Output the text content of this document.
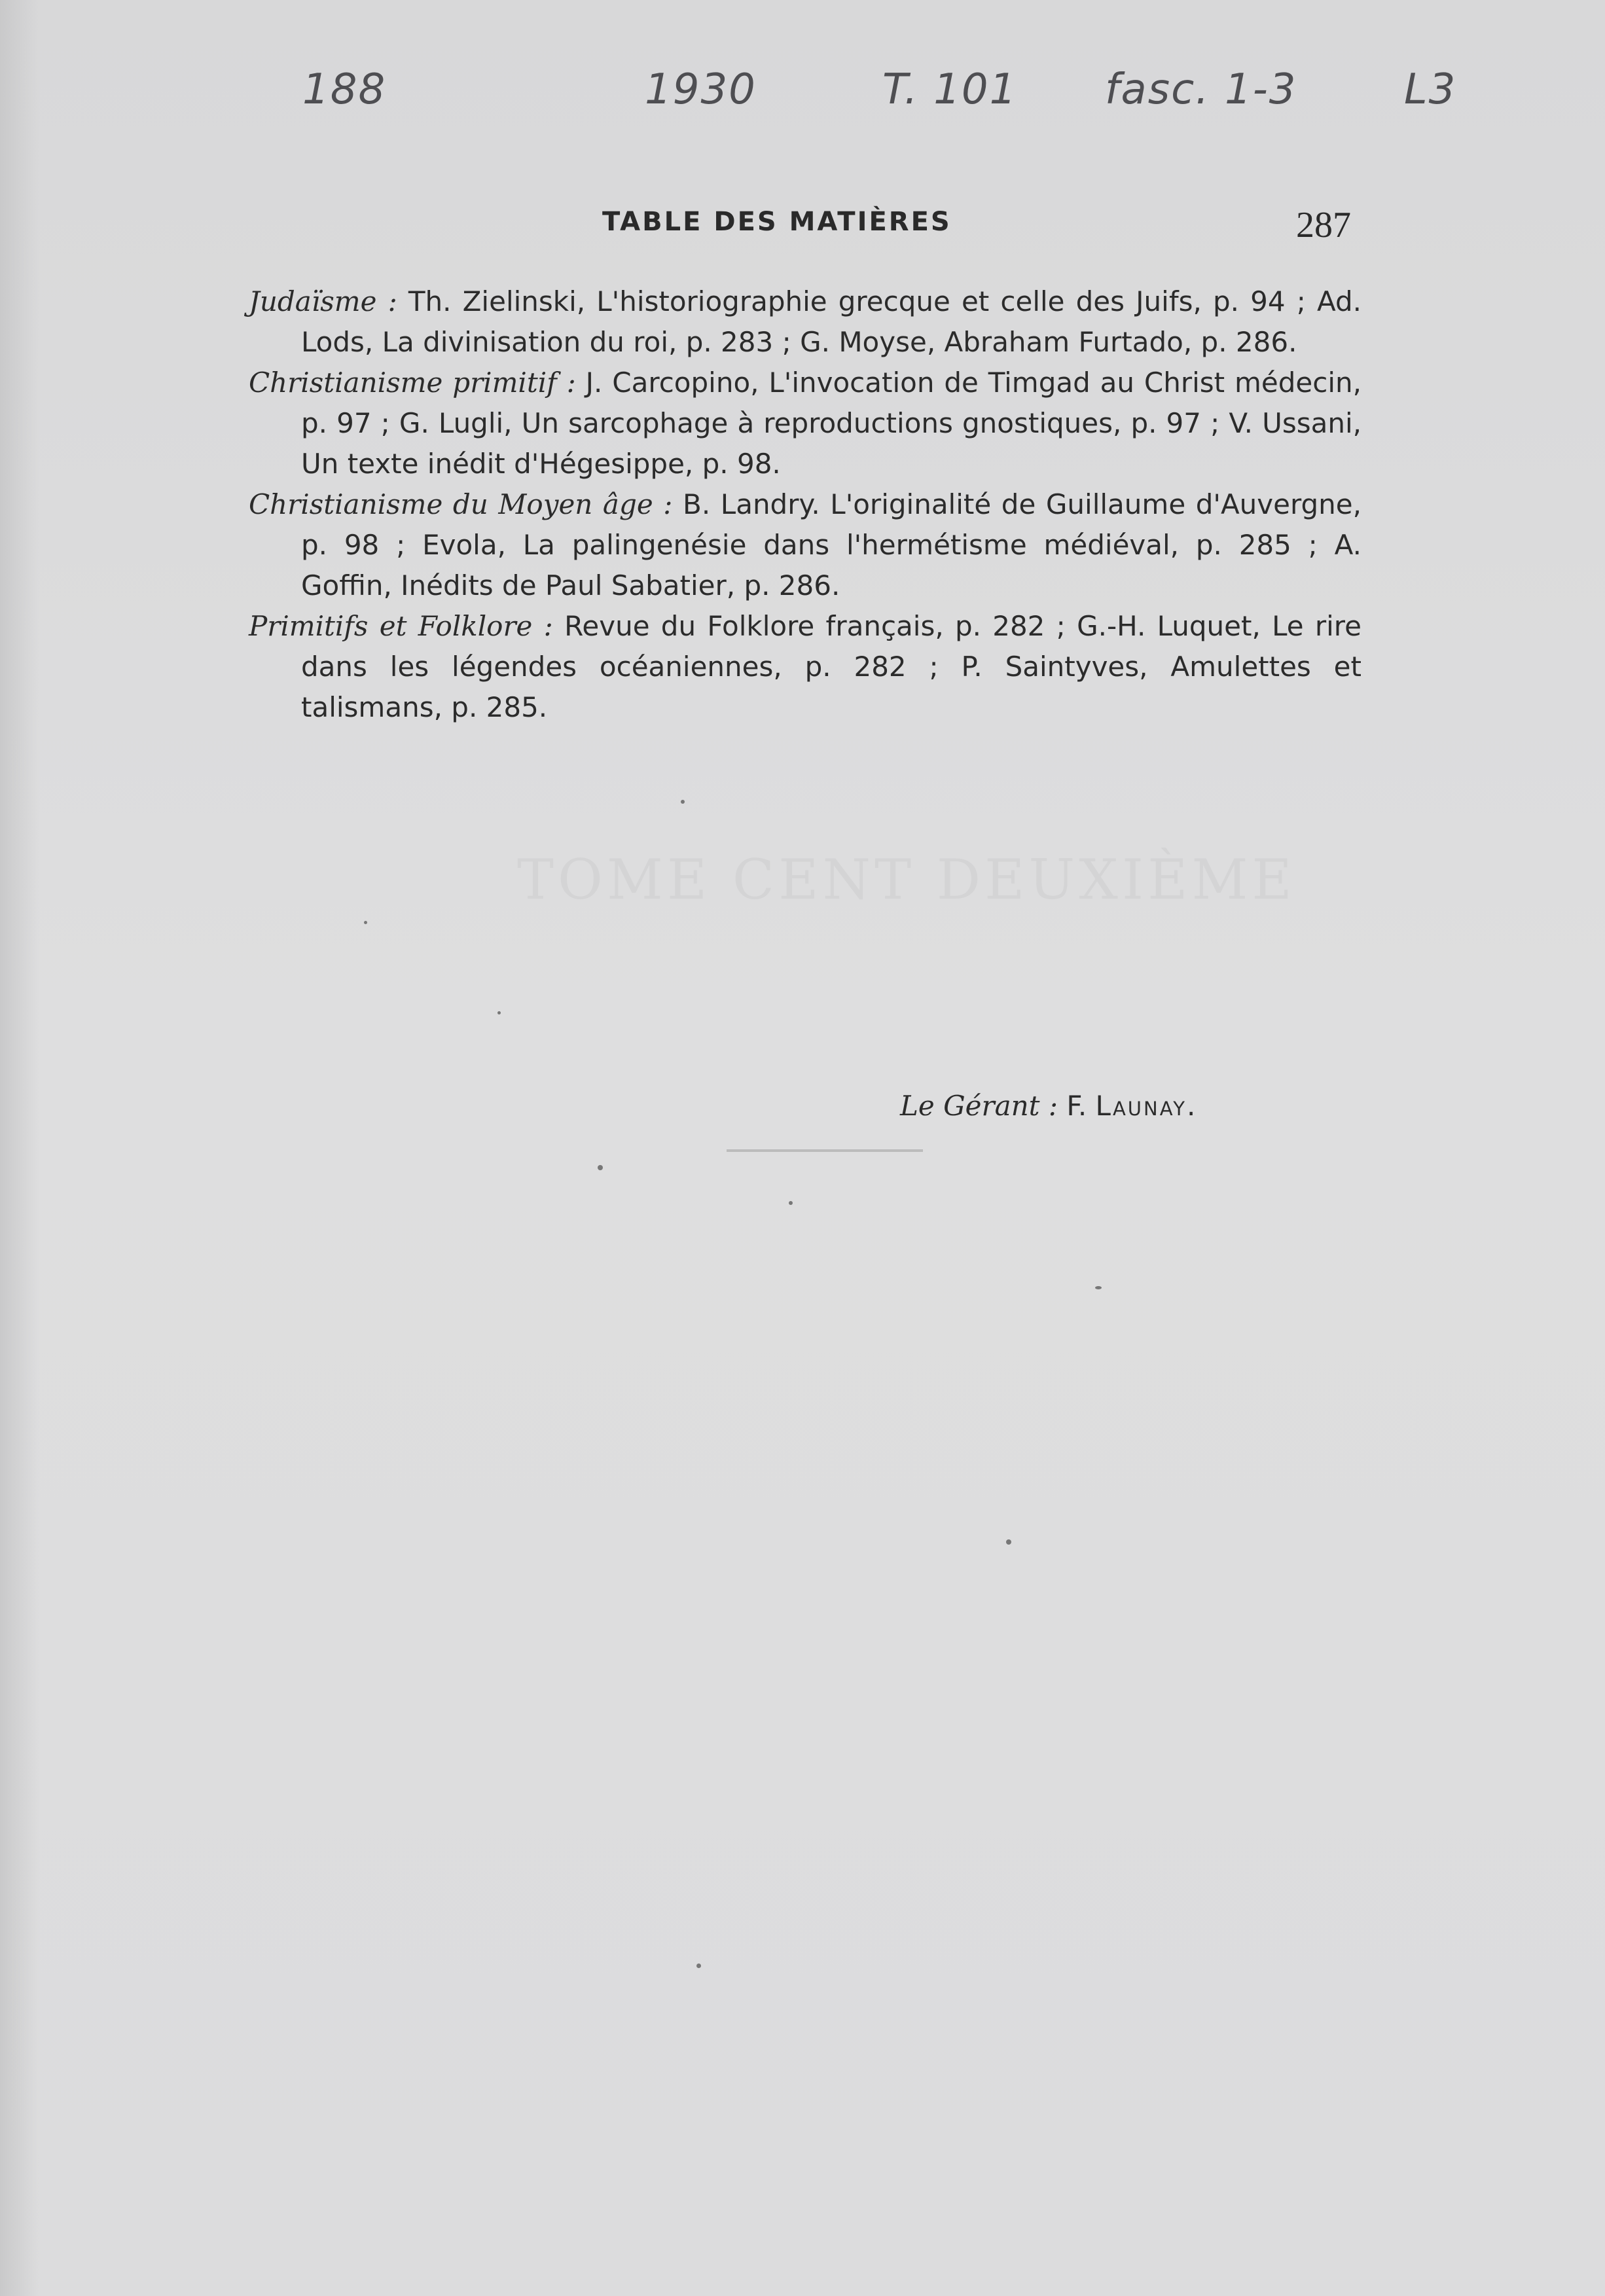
188	1930	T. 101 fasc. 1-3	L3
TABLE DES MATIÈRES	287

Judaïsme : Th. Zielinski, L'historiographie grecque et celle des Juifs, p. 94 ; Ad. Lods, La divinisation du roi, p. 283 ; G. Moyse, Abraham Furtado, p. 286.

Christianisme primitif : J. Carcopino, L'invocation de Timgad au Christ médecin, p. 97 ; G. Lugli, Un sarcophage à reproductions gnostiques, p. 97 ; V. Ussani, Un texte inédit d'Hégesippe, p. 98.

Christianisme du Moyen âge : B. Landry. L'originalité de Guillaume d'Auvergne, p. 98 ; Evola, La palingenésie dans l'hermétisme médiéval, p. 285 ; A. Goffin, Inédits de Paul Sabatier, p. 286.

Primitifs et Folklore : Revue du Folklore français, p. 282 ; G.-H. Luquet, Le rire dans les légendes océaniennes, p. 282 ; P. Saintyves, Amulettes et talismans, p. 285.

Le Gérant : F. Launay.
